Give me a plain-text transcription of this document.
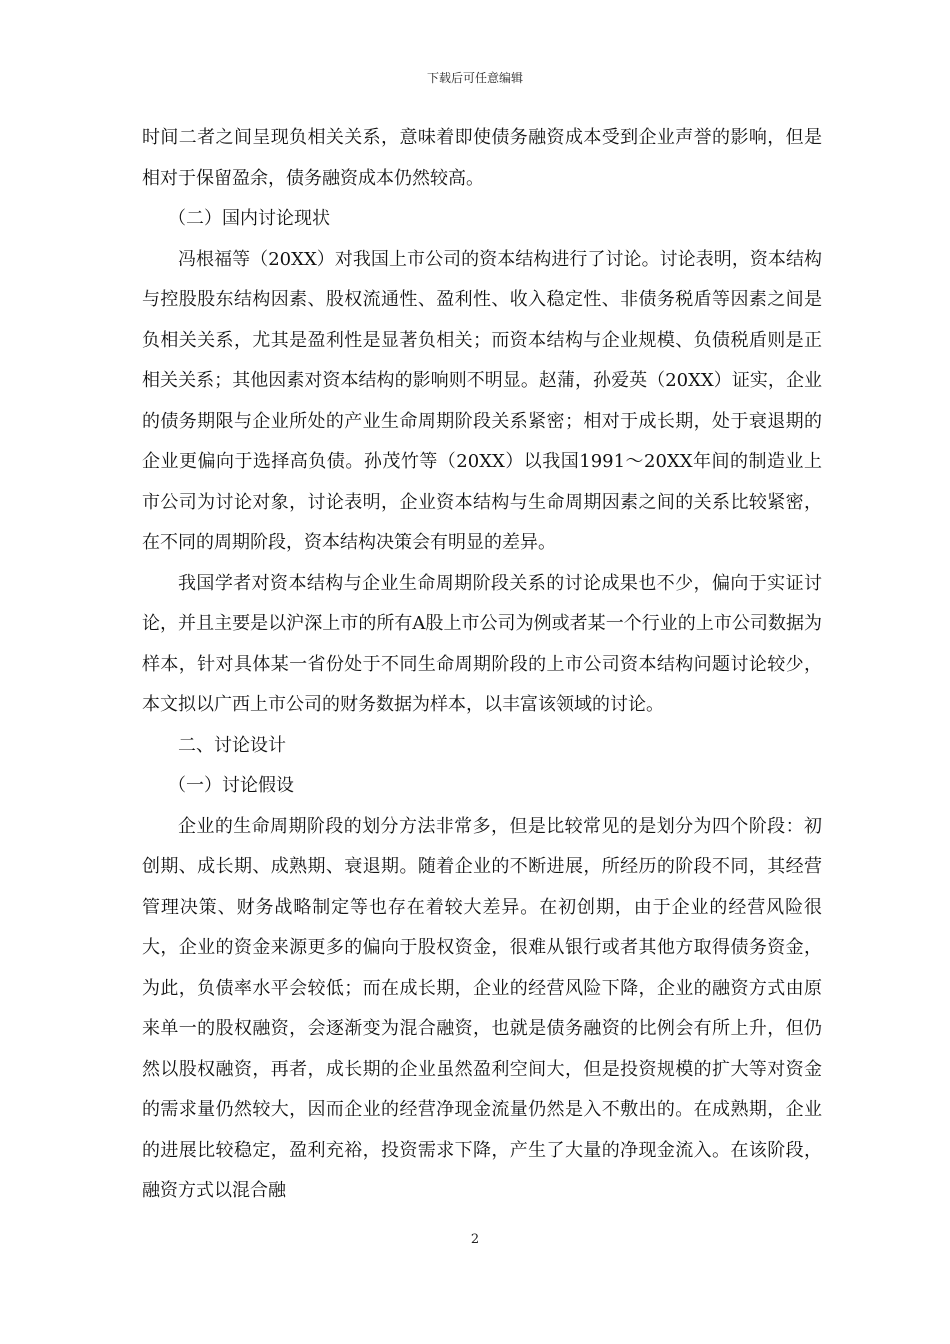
下载后可任意编辑

时间二者之间呈现负相关关系，意味着即使债务融资成本受到企业声誉的影响，但是相对于保留盈余，债务融资成本仍然较高。

（二）国内讨论现状

冯根福等（20XX）对我国上市公司的资本结构进行了讨论。讨论表明，资本结构与控股股东结构因素、股权流通性、盈利性、收入稳定性、非债务税盾等因素之间是负相关关系，尤其是盈利性是显著负相关；而资本结构与企业规模、负债税盾则是正相关关系；其他因素对资本结构的影响则不明显。赵蒲，孙爱英（20XX）证实，企业的债务期限与企业所处的产业生命周期阶段关系紧密；相对于成长期，处于衰退期的企业更偏向于选择高负债。孙茂竹等（20XX）以我国1991～20XX年间的制造业上市公司为讨论对象，讨论表明，企业资本结构与生命周期因素之间的关系比较紧密，在不同的周期阶段，资本结构决策会有明显的差异。

我国学者对资本结构与企业生命周期阶段关系的讨论成果也不少，偏向于实证讨论，并且主要是以沪深上市的所有A股上市公司为例或者某一个行业的上市公司数据为样本，针对具体某一省份处于不同生命周期阶段的上市公司资本结构问题讨论较少，本文拟以广西上市公司的财务数据为样本，以丰富该领域的讨论。

二、讨论设计

（一）讨论假设

企业的生命周期阶段的划分方法非常多，但是比较常见的是划分为四个阶段：初创期、成长期、成熟期、衰退期。随着企业的不断进展，所经历的阶段不同，其经营管理决策、财务战略制定等也存在着较大差异。在初创期，由于企业的经营风险很大，企业的资金来源更多的偏向于股权资金，很难从银行或者其他方取得债务资金，为此，负债率水平会较低；而在成长期，企业的经营风险下降，企业的融资方式由原来单一的股权融资，会逐渐变为混合融资，也就是债务融资的比例会有所上升，但仍然以股权融资，再者，成长期的企业虽然盈利空间大，但是投资规模的扩大等对资金的需求量仍然较大，因而企业的经营净现金流量仍然是入不敷出的。在成熟期，企业的进展比较稳定，盈利充裕，投资需求下降，产生了大量的净现金流入。在该阶段，融资方式以混合融

2
